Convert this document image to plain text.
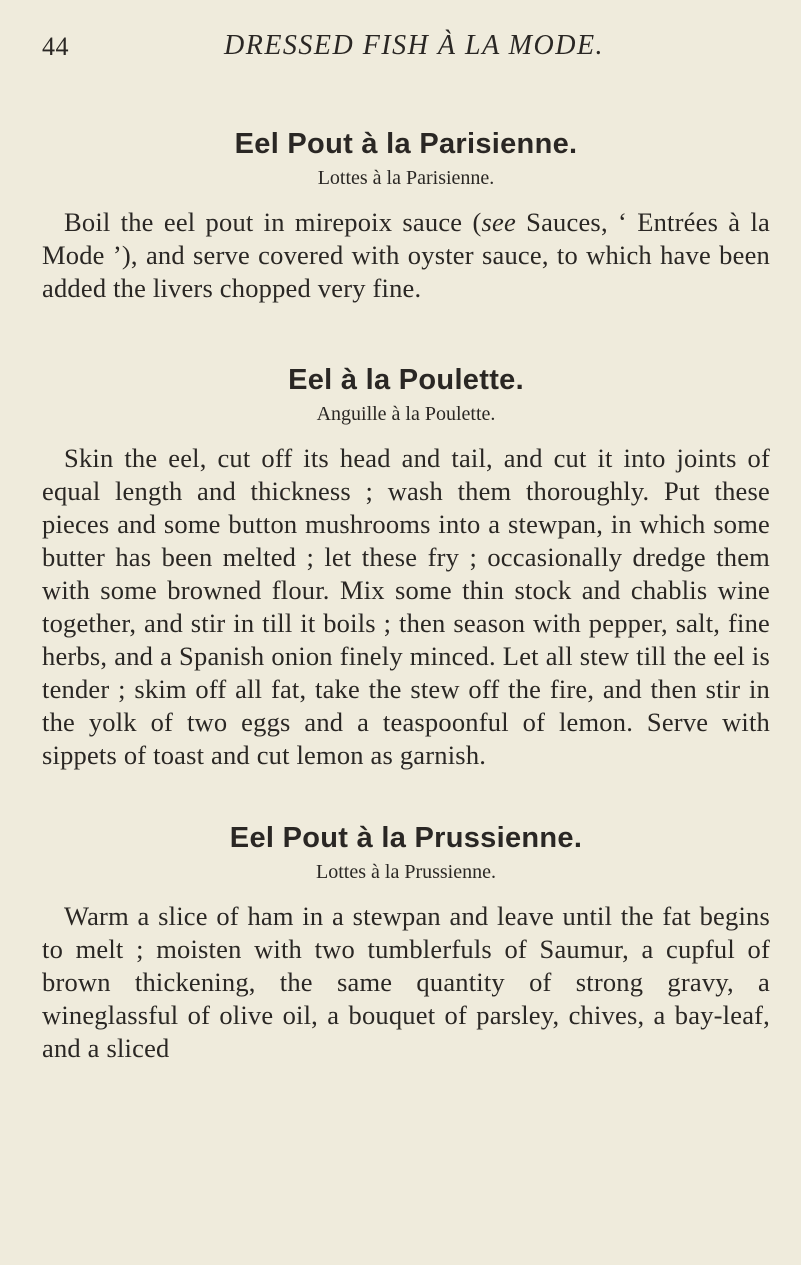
44	DRESSED FISH À LA MODE.
Eel Pout à la Parisienne.
Lottes à la Parisienne.

Boil the eel pout in mirepoix sauce (see Sauces, ‘ Entrées à la Mode ’), and serve covered with oyster sauce, to which have been added the livers chopped very fine.

Eel à la Poulette.
Anguille à la Poulette.

Skin the eel, cut off its head and tail, and cut it into joints of equal length and thickness ; wash them thoroughly. Put these pieces and some button mushrooms into a stewpan, in which some butter has been melted ; let these fry ; occasionally dredge them with some browned flour. Mix some thin stock and chablis wine together, and stir in till it boils ; then season with pepper, salt, fine herbs, and a Spanish onion finely minced. Let all stew till the eel is tender ; skim off all fat, take the stew off the fire, and then stir in the yolk of two eggs and a teaspoonful of lemon. Serve with sippets of toast and cut lemon as garnish.

Eel Pout à la Prussienne.
Lottes à la Prussienne.

Warm a slice of ham in a stewpan and leave until the fat begins to melt ; moisten with two tumblerfuls of Saumur, a cupful of brown thickening, the same quantity of strong gravy, a wineglassful of olive oil, a bouquet of parsley, chives, a bay-leaf, and a sliced
